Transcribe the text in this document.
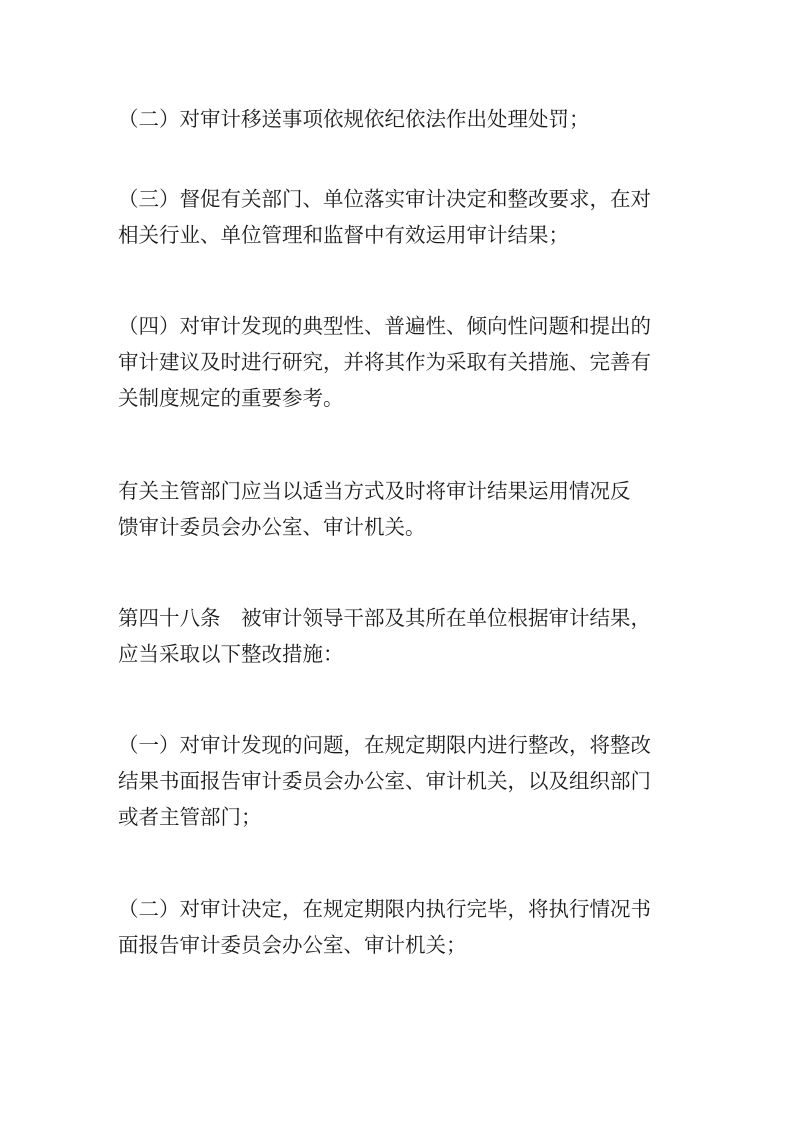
（二）对审计移送事项依规依纪依法作出处理处罚；

（三）督促有关部门、单位落实审计决定和整改要求，在对
相关行业、单位管理和监督中有效运用审计结果；

（四）对审计发现的典型性、普遍性、倾向性问题和提出的
审计建议及时进行研究，并将其作为采取有关措施、完善有
关制度规定的重要参考。

有关主管部门应当以适当方式及时将审计结果运用情况反
馈审计委员会办公室、审计机关。

第四十八条　被审计领导干部及其所在单位根据审计结果，
应当采取以下整改措施：

（一）对审计发现的问题，在规定期限内进行整改，将整改
结果书面报告审计委员会办公室、审计机关，以及组织部门
或者主管部门；

（二）对审计决定，在规定期限内执行完毕，将执行情况书
面报告审计委员会办公室、审计机关；
